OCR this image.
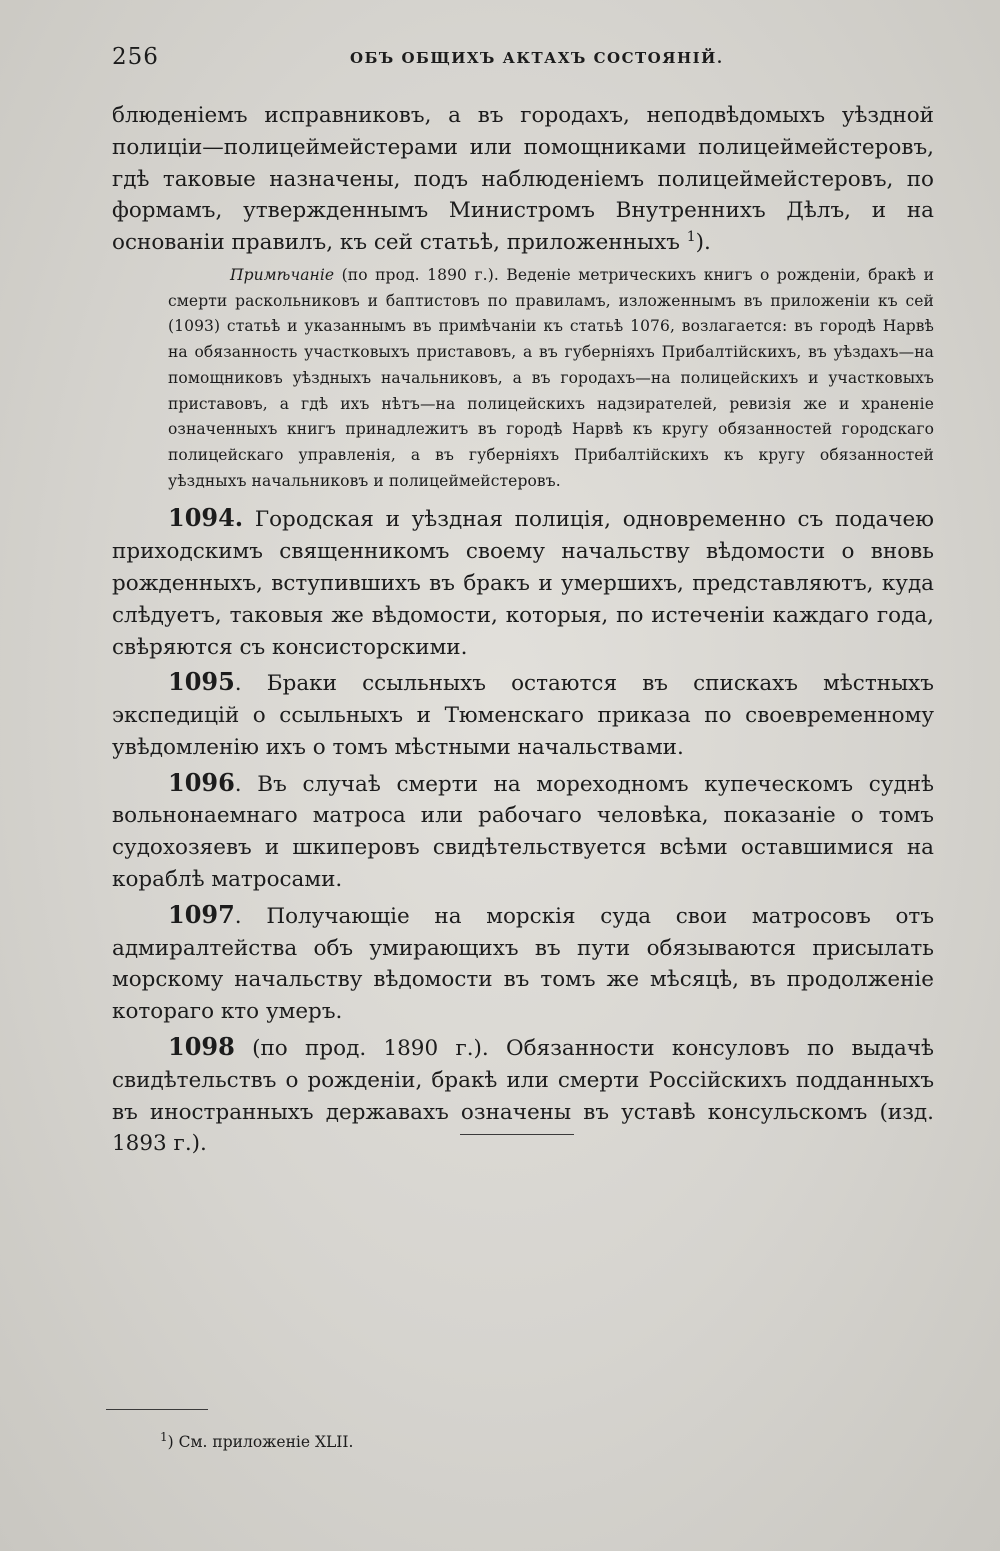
256	ОБЪ ОБЩИХЪ АКТАХЪ СОСТОЯНІЙ.

блюденіемъ исправниковъ, а въ городахъ, неподвѣдомыхъ уѣздной полиціи—полицеймейстерами или помощниками полицеймейстеровъ, гдѣ таковые назначены, подъ наблюденіемъ полицеймейстеровъ, по формамъ, утвержденнымъ Министромъ Внутреннихъ Дѣлъ, и на основаніи правилъ, къ сей статьѣ, приложенныхъ $^1$).

Примѣчаніе (по прод. 1890 г.). Веденіе метрическихъ книгъ о рожденіи, бракѣ и смерти раскольниковъ и баптистовъ по правиламъ, изложеннымъ въ приложеніи къ сей (1093) статьѣ и указаннымъ въ примѣчаніи къ статьѣ 1076, возлагается: въ городѣ Нарвѣ на обязанность участковыхъ приставовъ, а въ губерніяхъ Прибалтійскихъ, въ уѣздахъ—на помощниковъ уѣздныхъ начальниковъ, а въ городахъ—на полицейскихъ и участковыхъ приставовъ, а гдѣ ихъ нѣтъ—на полицейскихъ надзирателей, ревизія же и храненіе означенныхъ книгъ принадлежитъ въ городѣ Нарвѣ къ кругу обязанностей городскаго полицейскаго управленія, а въ губерніяхъ Прибалтійскихъ къ кругу обязанностей уѣздныхъ начальниковъ и полицеймейстеровъ.

1094. Городская и уѣздная полиція, одновременно съ подачею приходскимъ священникомъ своему начальству вѣдомости о вновь рожденныхъ, вступившихъ въ бракъ и умершихъ, представляютъ, куда слѣдуетъ, таковыя же вѣдомости, которыя, по истеченіи каждаго года, свѣряются съ консисторскими.

1095. Браки ссыльныхъ остаются въ спискахъ мѣстныхъ экспедицій о ссыльныхъ и Тюменскаго приказа по своевременному увѣдомленію ихъ о томъ мѣстными начальствами.

1096. Въ случаѣ смерти на мореходномъ купеческомъ суднѣ вольнонаемнаго матроса или рабочаго человѣка, показаніе о томъ судохозяевъ и шкиперовъ свидѣтельствуется всѣми оставшимися на кораблѣ матросами.

1097. Получающіе на морскія суда свои матросовъ отъ адмиралтейства объ умирающихъ въ пути обязываются присылать морскому начальству вѣдомости въ томъ же мѣсяцѣ, въ продолженіе котораго кто умеръ.

1098 (по прод. 1890 г.). Обязанности консуловъ по выдачѣ свидѣтельствъ о рожденіи, бракѣ или смерти Россійскихъ подданныхъ въ иностранныхъ державахъ означены въ уставѣ консульскомъ (изд. 1893 г.).

$^1$) См. приложеніе XLII.
